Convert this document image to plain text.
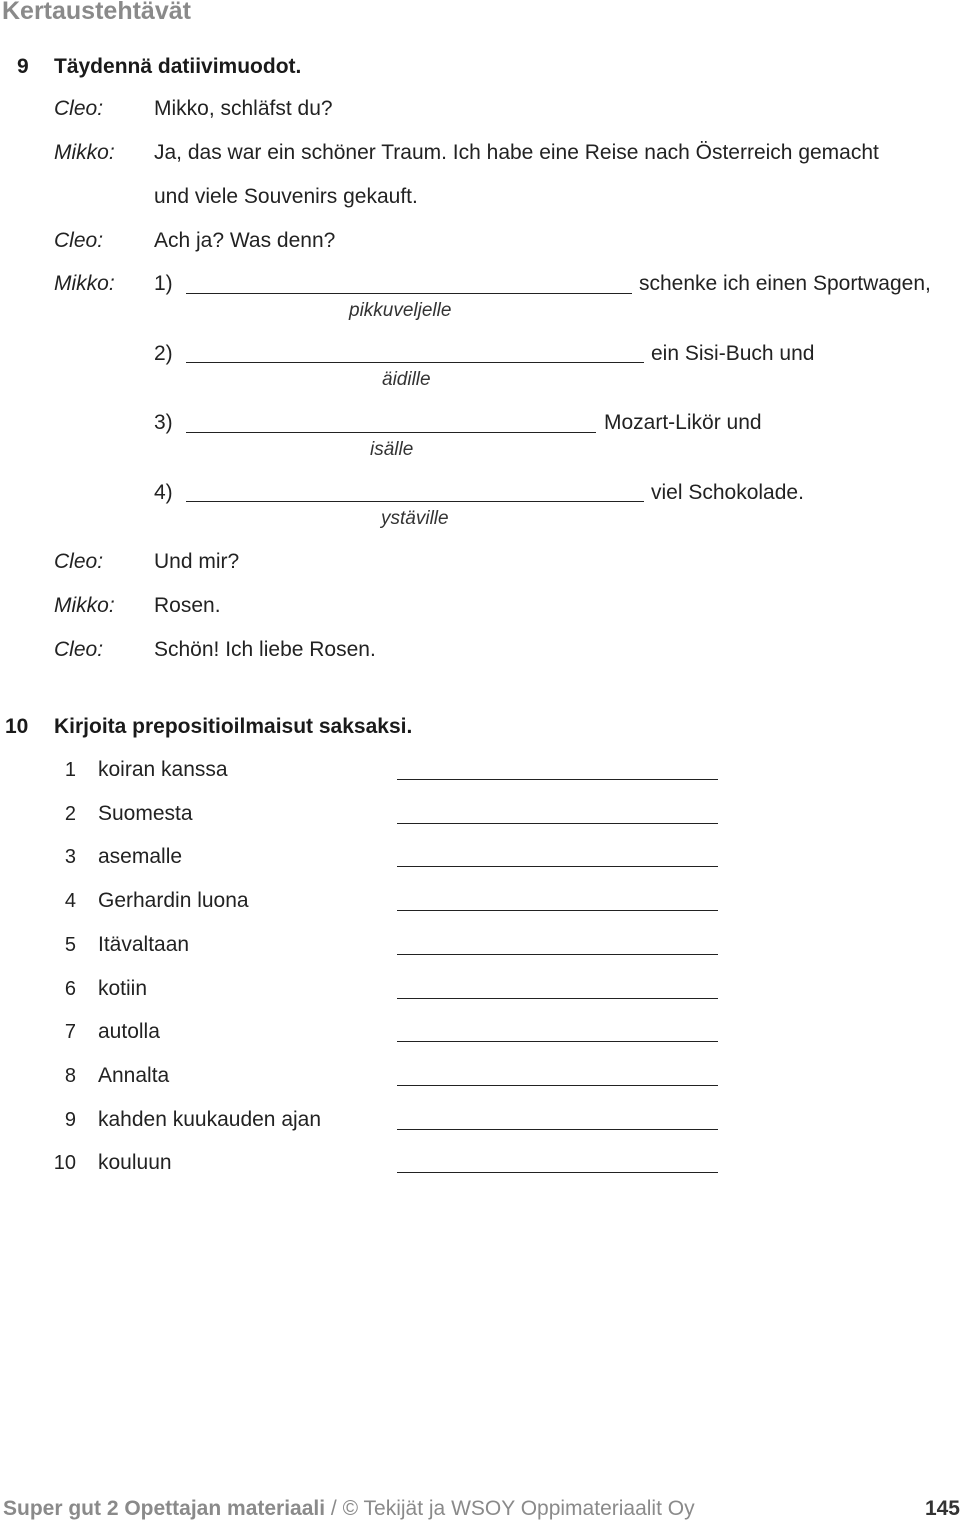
Kertaustehtävät
9 Täydennä datiivimuodot.
Cleo: Mikko, schläfst du?
Mikko: Ja, das war ein schöner Traum. Ich habe eine Reise nach Österreich gemacht
und viele Souvenirs gekauft.
Cleo: Ach ja? Was denn?
Mikko: 1)	schenke ich einen Sportwagen,
pikkuveljelle
2)	ein Sisi-Buch und
äidille
3)	Mozart-Likör und
isälle
4)	viel Schokolade.
ystäville
Cleo: Und mir?
Mikko: Rosen.
Cleo: Schön! Ich liebe Rosen.
10 Kirjoita prepositioilmaisut saksaksi.
1 koiran kanssa
2 Suomesta
3 asemalle
4 Gerhardin luona
5 Itävaltaan
6 kotiin
7 autolla
8 Annalta
9 kahden kuukauden ajan
10 kouluun
Super gut 2 Opettajan materiaali / © Tekijät ja WSOY Oppimateriaalit Oy	145
